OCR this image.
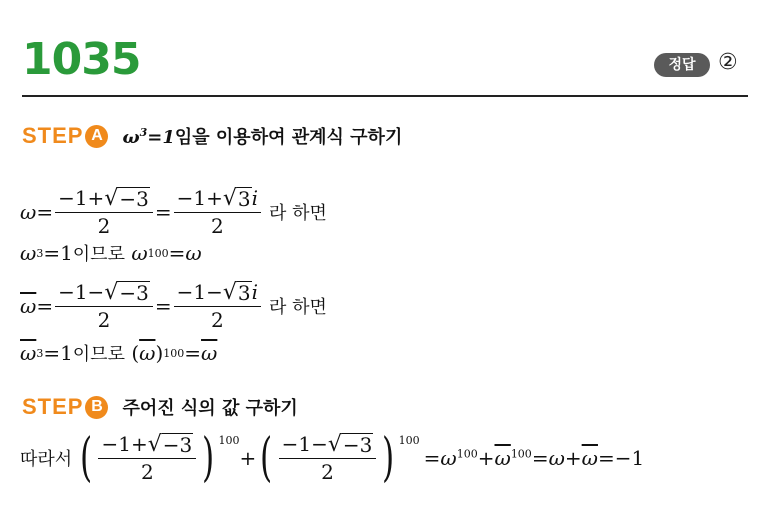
1035	정답	②
STEP A	$\omega^3=1$ 임을 이용하여 관계식 구하기
$\omega = \frac{-1+ √ -3}{2} = \frac{-1+ √ 3 i}{2}$ 라 하면
ω 3 =1 이므로
ω 100 = ω
$\overline{\omega} = \frac{-1- √ -3}{2} = \frac{-1- √ 3 i}{2}$ 라 하면
$\overline{\omega}$ 3 =1 이므로
( $\overline{\omega}$ ) $100 = \overline{\omega}$
STEP B	주어진 식의 값 구하기
따라서 ( $\frac{-1+ √ -3}{2}$ ) $^{100}$
+ ( $\frac{-1- √ -3}{2}$ ) $^{100}$
$=\omega^{100}+\overline{\omega}^{100}=\omega+\overline{\omega}=-1$
